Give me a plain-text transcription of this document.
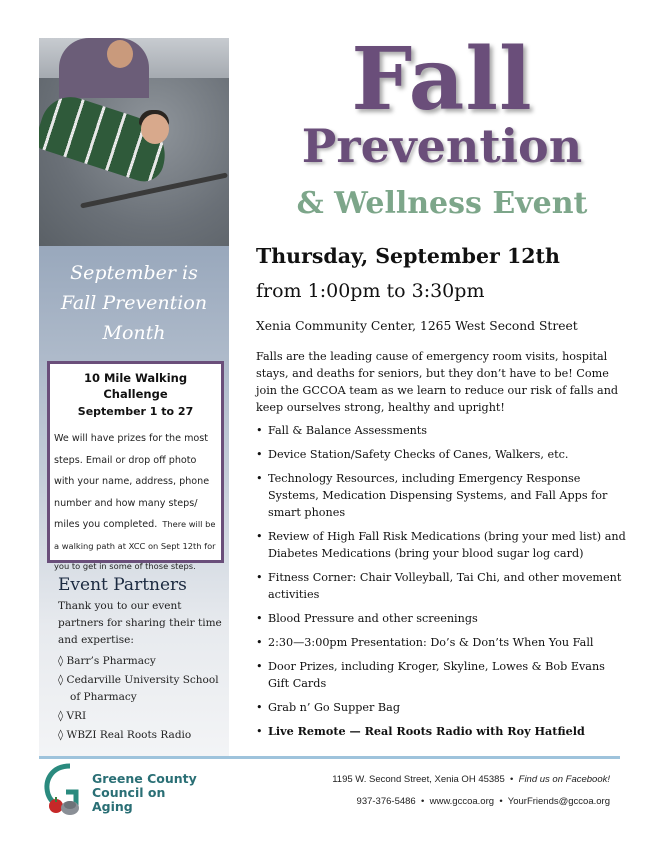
September is
Fall Prevention
Month
10 Mile Walking Challenge
September 1 to 27
We will have prizes for the most steps. Email or drop off photo with your name, address, phone number and how many steps/ miles you completed. There will be a walking path at XCC on Sept 12th for you to get in some of those steps.
Event Partners
Thank you to our event partners for sharing their time and expertise:
◊ Barr’s Pharmacy
◊ Cedarville University School of Pharmacy
◊ VRI
◊ WBZI Real Roots Radio
Fall
Prevention
& Wellness Event
Thursday, September 12th
from 1:00pm to 3:30pm
Xenia Community Center, 1265 West Second Street
Falls are the leading cause of emergency room visits, hospital stays, and deaths for seniors, but they don’t have to be! Come join the GCCOA team as we learn to reduce our risk of falls and keep ourselves strong, healthy and upright!
• Fall & Balance Assessments
• Device Station/Safety Checks of Canes, Walkers, etc.
• Technology Resources, including Emergency Response Systems, Medication Dispensing Systems, and Fall Apps for smart phones
• Review of High Fall Risk Medications (bring your med list) and Diabetes Medications (bring your blood sugar log card)
• Fitness Corner: Chair Volleyball, Tai Chi, and other movement activities
• Blood Pressure and other screenings
• 2:30—3:00pm Presentation: Do’s & Don’ts When You Fall
• Door Prizes, including Kroger, Skyline, Lowes & Bob Evans Gift Cards
• Grab n’ Go Supper Bag
• Live Remote — Real Roots Radio with Roy Hatfield
Greene County
Council on Aging
1195 W. Second Street, Xenia OH 45385 • Find us on Facebook!
937-376-5486 • www.gccoa.org • YourFriends@gccoa.org
